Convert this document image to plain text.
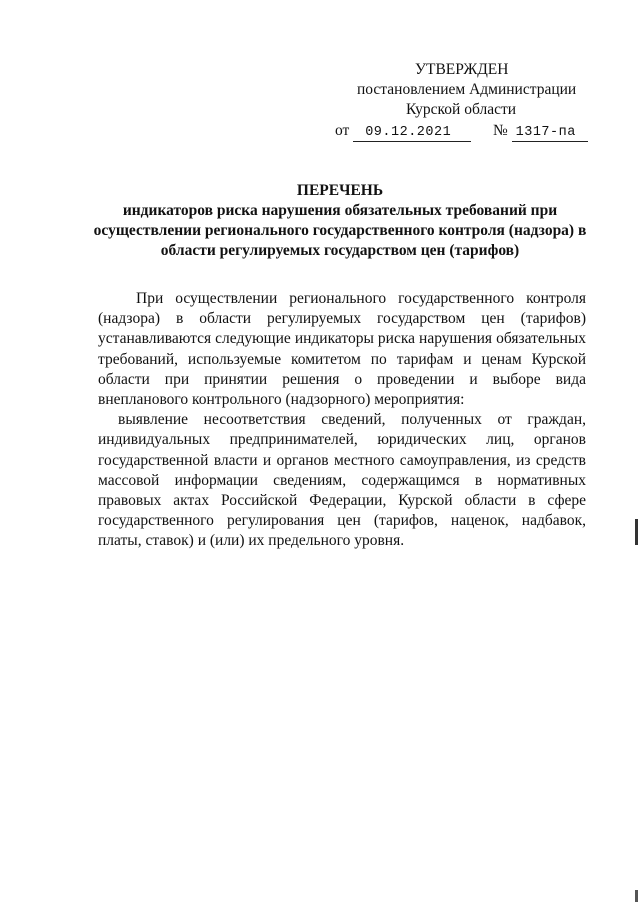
УТВЕРЖДЕН
постановлением Администрации
Курской области
от 09.12.2021	№ 1317-па
ПЕРЕЧЕНЬ
индикаторов риска нарушения обязательных требований при
осуществлении регионального государственного контроля (надзора) в
области регулируемых государством цен (тарифов)

При осуществлении регионального государственного контроля (надзора) в области регулируемых государством цен (тарифов) устанавливаются следующие индикаторы риска нарушения обязательных требований, используемые комитетом по тарифам и ценам Курской области при принятии решения о проведении и выборе вида внепланового контрольного (надзорного) мероприятия:

выявление несоответствия сведений, полученных от граждан, индивидуальных предпринимателей, юридических лиц, органов государственной власти и органов местного самоуправления, из средств массовой информации сведениям, содержащимся в нормативных правовых актах Российской Федерации, Курской области в сфере государственного регулирования цен (тарифов, наценок, надбавок, платы, ставок) и (или) их предельного уровня.
